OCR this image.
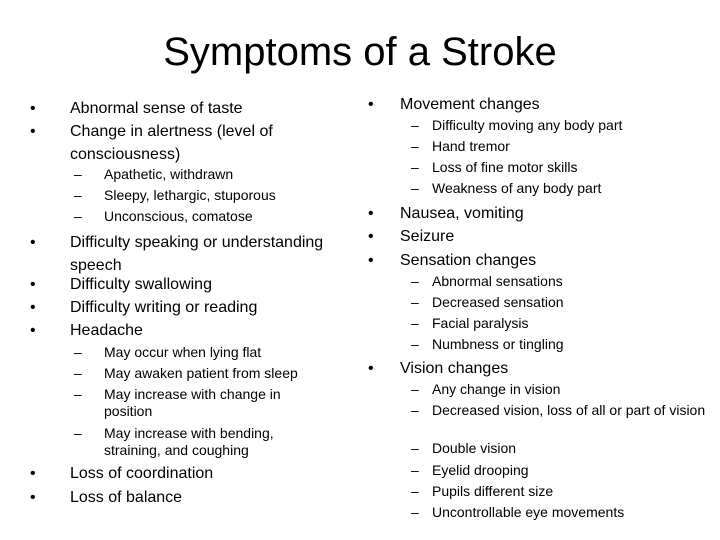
Symptoms of a Stroke
• Abnormal sense of taste
• Change in alertness (level of consciousness)
– Apathetic, withdrawn
– Sleepy, lethargic, stuporous
– Unconscious, comatose
• Difficulty speaking or understanding speech
• Difficulty swallowing
• Difficulty writing or reading
• Headache
– May occur when lying flat
– May awaken patient from sleep
– May increase with change in position
– May increase with bending, straining, and coughing
• Loss of coordination
• Loss of balance
• Movement changes
– Difficulty moving any body part
– Hand tremor
– Loss of fine motor skills
– Weakness of any body part
• Nausea, vomiting
• Seizure
• Sensation changes
– Abnormal sensations
– Decreased sensation
– Facial paralysis
– Numbness or tingling
• Vision changes
– Any change in vision
– Decreased vision, loss of all or part of vision
– Double vision
– Eyelid drooping
– Pupils different size
– Uncontrollable eye movements
